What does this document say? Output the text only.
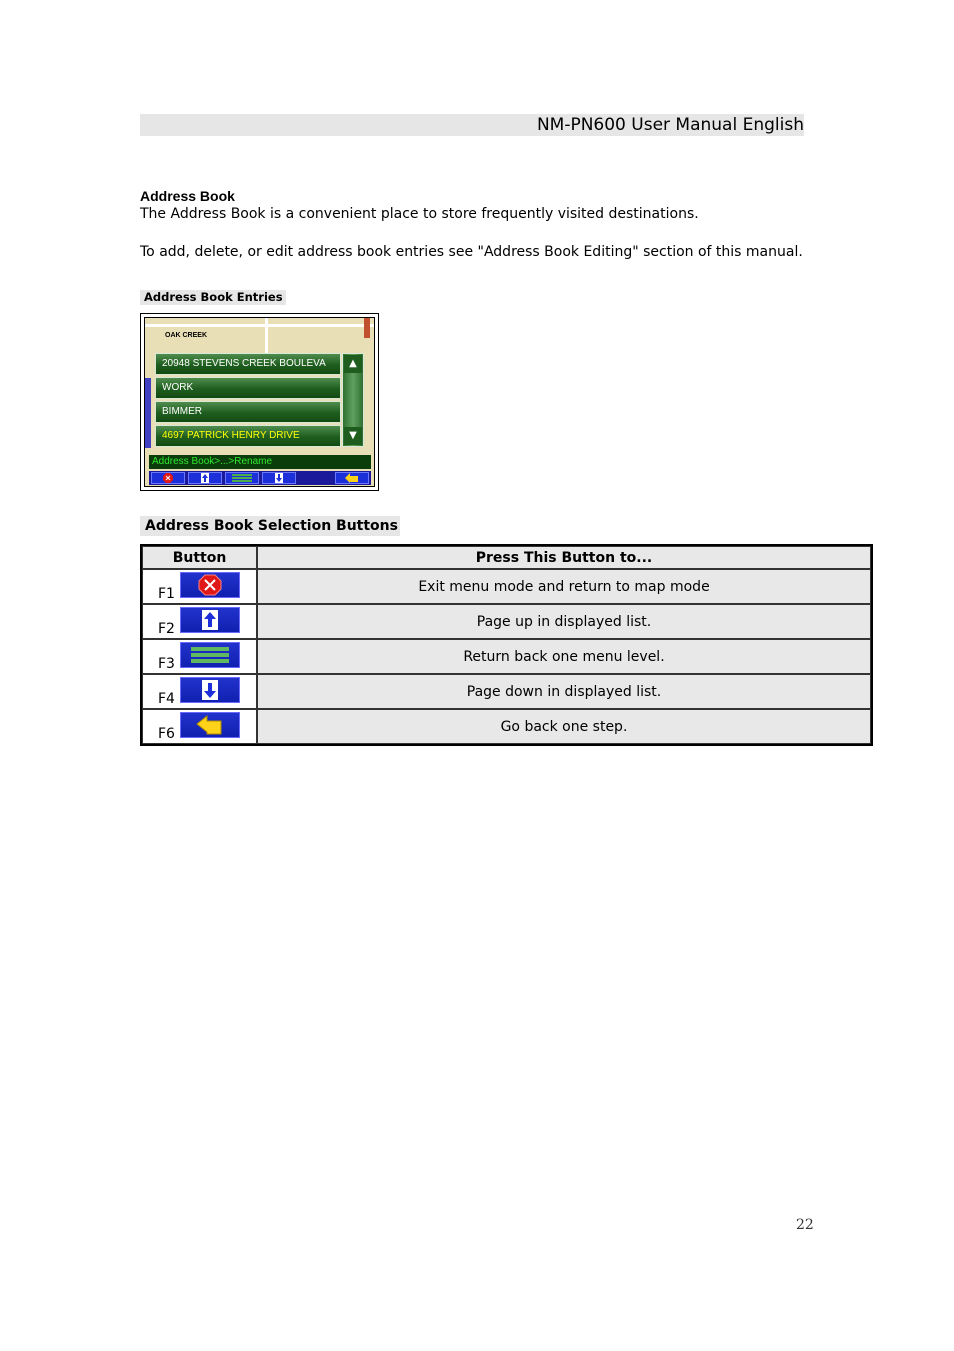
NM-PN600 User Manual English
Address Book
The Address Book is a convenient place to store frequently visited destinations.
To add, delete, or edit address book entries see "Address Book Editing" section of this manual.
Address Book Entries
OAK CREEK
20948 STEVENS CREEK BOULEVA
WORK
BIMMER
4697 PATRICK HENRY DRIVE
▲
▼
Address Book>...>Rename
Address Book Selection Buttons
Button	Press This Button to...

F1	Exit menu mode and return to map mode

F2	Page up in displayed list.

F3	Return back one menu level.

F4	Page down in displayed list.

F6	Go back one step.
22
